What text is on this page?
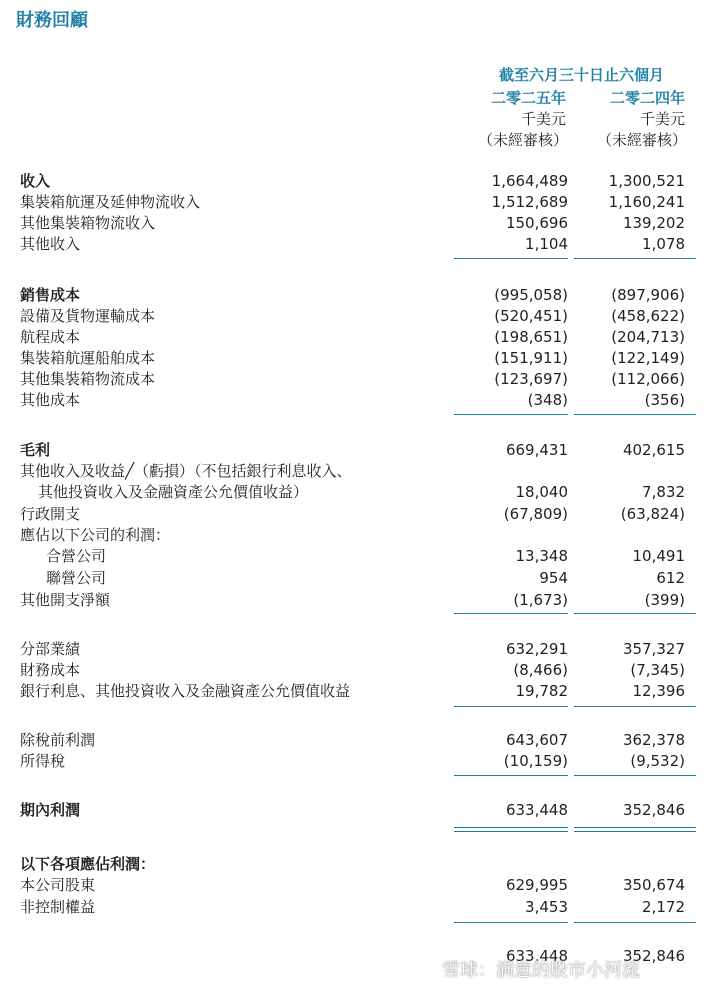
財務回顧
截至六月三十日止六個月
二零二五年	二零二四年
千美元	千美元
（未經審核） （未經審核）
收入	1,664,489	1,300,521
集裝箱航運及延伸物流收入	1,512,689	1,160,241
其他集裝箱物流收入	150,696	139,202
其他收入	1,104	1,078
銷售成本	(995,058)	(897,906)
設備及貨物運輸成本	(520,451)	(458,622)
航程成本	(198,651)	(204,713)
集裝箱航運船舶成本	(151,911)	(122,149)
其他集裝箱物流成本	(123,697)	(112,066)
其他成本	(348)	(356)
毛利	669,431	402,615
其他收入及收益╱（虧損）（不包括銀行利息收入、
其他投資收入及金融資產公允價值收益）	18,040	7,832
行政開支	(67,809)	(63,824)
應佔以下公司的利潤：
合營公司	13,348	10,491
聯營公司	954	612
其他開支淨額	(1,673)	(399)
分部業績	632,291	357,327
財務成本	(8,466)	(7,345)
銀行利息、其他投資收入及金融資產公允價值收益	19,782	12,396
除稅前利潤	643,607	362,378
所得稅	(10,159)	(9,532)
期內利潤	633,448	352,846
以下各項應佔利潤：
本公司股東	629,995	350,674
非控制權益	3,453	2,172
633,448	352,846
雪球：满意的股市小河流
